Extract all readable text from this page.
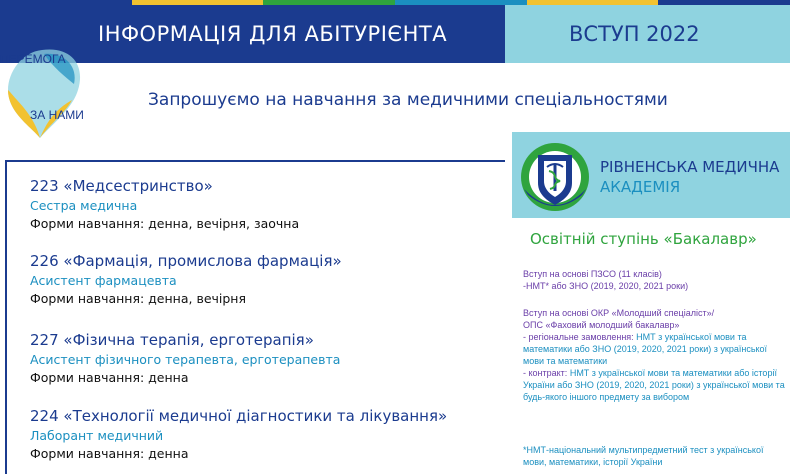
ІНФОРМАЦІЯ ДЛЯ АБІТУРІЄНТА	ВСТУП 2022
ПЕРЕМОГА
ЗА НАМИ
Запрошуємо на навчання за медичними спеціальностями
223 «Медсестринство»
Сестра медична
Форми навчання: денна, вечірня, заочна
226 «Фармація, промислова фармація»
Асистент фармацевта
Форми навчання: денна, вечірня
227 «Фізична терапія, ерготерапія»
Асистент фізичного терапевта, ерготерапевта
Форми навчання: денна
224 «Технології медичної діагностики та лікування»
Лаборант медичний
Форми навчання: денна
РІВНЕНСЬКА МЕДИЧНА
АКАДЕМІЯ
Освітній ступінь «Бакалавр»
Вступ на основі ПЗСО (11 класів)
-НМТ* або ЗНО (2019, 2020, 2021 роки)
Вступ на основі ОКР «Молодший спеціаліст»/
ОПС «Фаховий молодший бакалавр»
- регіональне замовлення: НМТ з української мови та математики або ЗНО (2019, 2020, 2021 роки) з української мови та математики
- контракт: НМТ з української мови та математики або історії України або ЗНО (2019, 2020, 2021 роки) з української мови та будь-якого іншого предмету за вибором
*НМТ-національний мультипредметний тест з української мови, математики, історії України
